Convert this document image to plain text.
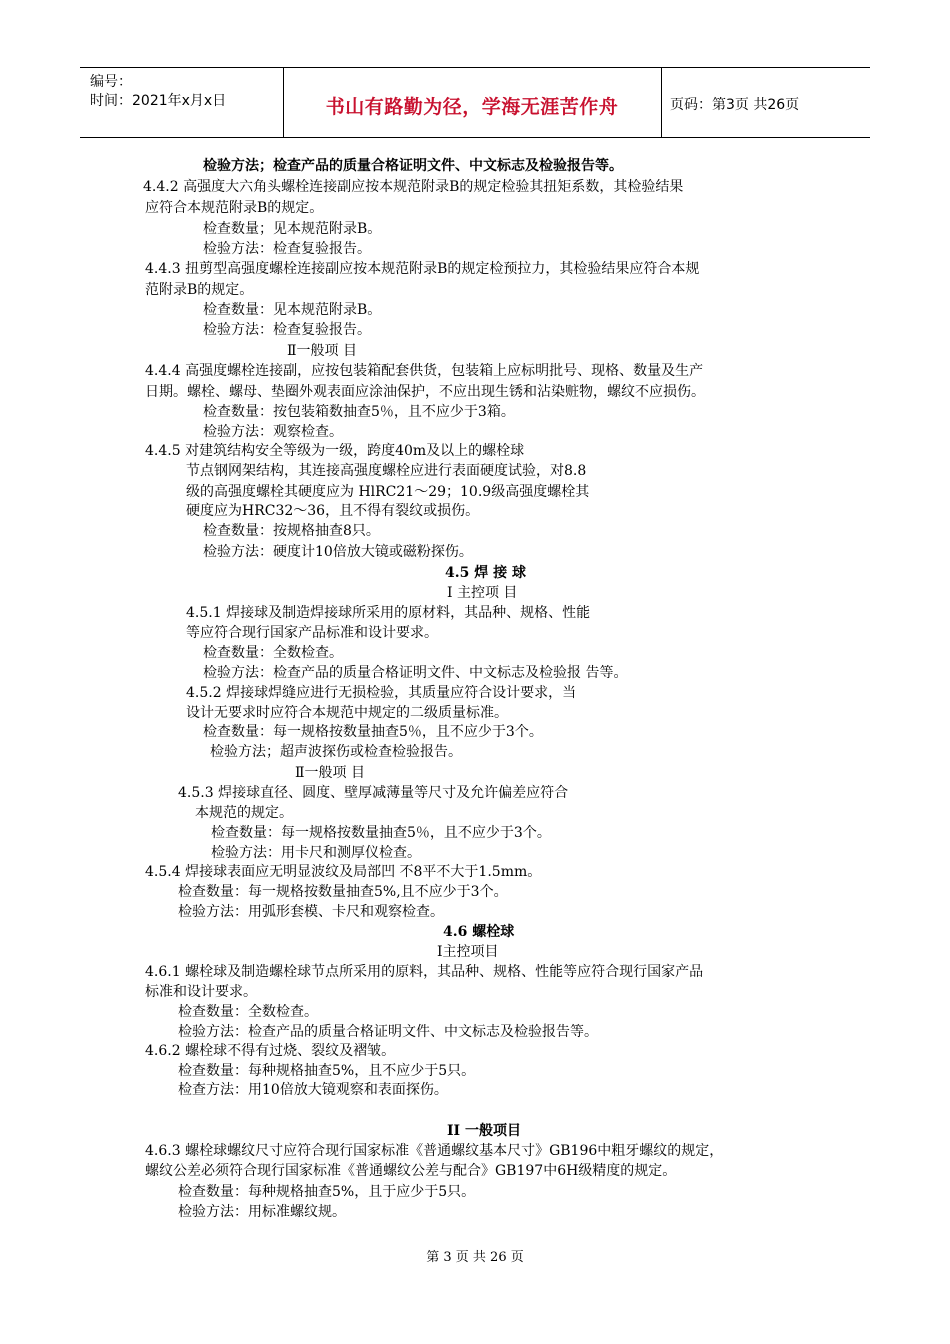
编号：
时间：2021年x月x日	书山有路勤为径，学海无涯苦作舟	页码：第3页 共26页
检验方法；检查产品的质量合格证明文件、中文标志及检验报告等。
4.4.2 高强度大六角头螺栓连接副应按本规范附录B的规定检验其扭矩系数，其检验结果
应符合本规范附录B的规定。
检查数量；见本规范附录B。
检验方法：检查复验报告。
4.4.3 扭剪型高强度螺栓连接副应按本规范附录B的规定检预拉力，其检验结果应符合本规
范附录B的规定。
检查数量：见本规范附录B。
检验方法：检查复验报告。
Ⅱ一般项 目
4.4.4 高强度螺栓连接副，应按包装箱配套供货，包装箱上应标明批号、现格、数量及生产
日期。螺栓、螺母、垫圈外观表面应涂油保护，不应出现生锈和沾染赃物，螺纹不应损伤。
检查数量：按包装箱数抽查5％，且不应少于3箱。
检验方法：观察检查。
4.4.5 对建筑结构安全等级为一级，跨度40m及以上的螺栓球
节点钢网架结构，其连接高强度螺栓应进行表面硬度试验，对8.8
级的高强度螺栓其硬度应为 HlRC21～29；10.9级高强度螺栓其
硬度应为HRC32～36，且不得有裂纹或损伤。
检查数量：按规格抽查8只。
检验方法：硬度计10倍放大镜或磁粉探伤。
4.5 焊 接 球
Ⅰ 主控项 目
4.5.1 焊接球及制造焊接球所采用的原材料，其品种、规格、性能
等应符合现行国家产品标准和设计要求。
检查数量：全数检查。
检验方法：检查产品的质量合格证明文件、中文标志及检验报 告等。
4.5.2 焊接球焊缝应进行无损检验，其质量应符合设计要求，当
设计无要求时应符合本规范中规定的二级质量标准。
检查数量：每一规格按数量抽查5％，且不应少于3个。
检验方法；超声波探伤或检查检验报告。
Ⅱ一般项 目
4.5.3 焊接球直径、圆度、壁厚减薄量等尺寸及允许偏差应符合
本规范的规定。
检查数量：每一规格按数量抽查5％，且不应少于3个。
检验方法：用卡尺和测厚仪检查。
4.5.4 焊接球表面应无明显波纹及局部凹 不8平不大于1.5mm。
检查数量：每一规格按数量抽查5%,且不应少于3个。
检验方法：用弧形套模、卡尺和观察检查。
4.6 螺栓球
I主控项目
4.6.1 螺栓球及制造螺栓球节点所采用的原料，其品种、规格、性能等应符合现行国家产品
标准和设计要求。
检查数量：全数检查。
检验方法：检查产品的质量合格证明文件、中文标志及检验报告等。
4.6.2 螺栓球不得有过烧、裂纹及褶皱。
检查数量：每种规格抽查5%，且不应少于5只。
检查方法：用10倍放大镜观察和表面探伤。
II 一般项目
4.6.3 螺栓球螺纹尺寸应符合现行国家标准《普通螺纹基本尺寸》GB196中粗牙螺纹的规定，
螺纹公差必须符合现行国家标准《普通螺纹公差与配合》GB197中6H级精度的规定。
检查数量：每种规格抽查5%，且于应少于5只。
检验方法：用标准螺纹规。
第 3 页 共 26 页
